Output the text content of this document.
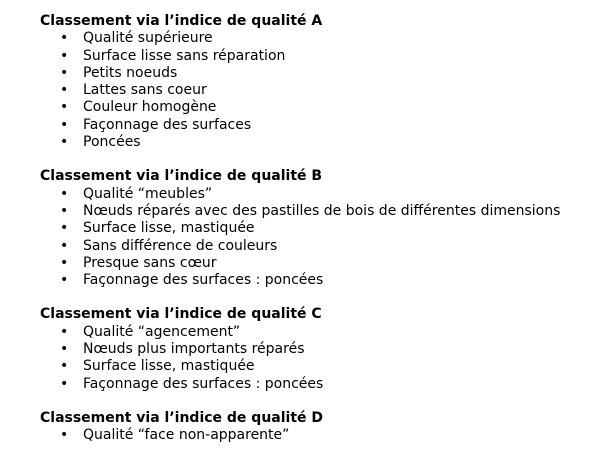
Classement via l’indice de qualité A
• Qualité supérieure
• Surface lisse sans réparation
• Petits noeuds
• Lattes sans coeur
• Couleur homogène
• Façonnage des surfaces
• Poncées
Classement via l’indice de qualité B
• Qualité “meubles”
• Nœuds réparés avec des pastilles de bois de différentes dimensions
• Surface lisse, mastiquée
• Sans différence de couleurs
• Presque sans cœur
• Façonnage des surfaces : poncées
Classement via l’indice de qualité C
• Qualité “agencement”
• Nœuds plus importants réparés
• Surface lisse, mastiquée
• Façonnage des surfaces : poncées
Classement via l’indice de qualité D
• Qualité “face non-apparente”
